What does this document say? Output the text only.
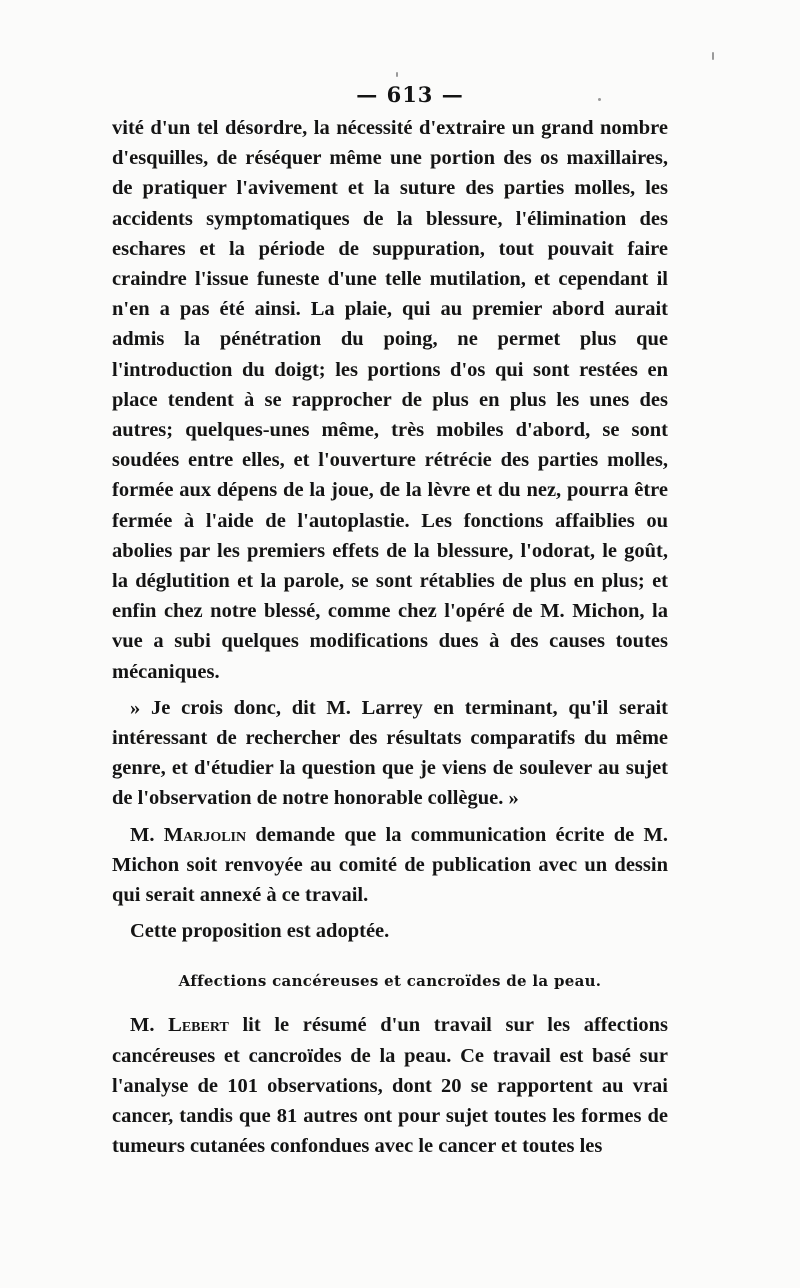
— 613 —

vité d'un tel désordre, la nécessité d'extraire un grand nombre d'esquilles, de réséquer même une portion des os maxillaires, de pratiquer l'avivement et la suture des parties molles, les accidents symptomatiques de la blessure, l'élimination des eschares et la période de suppuration, tout pouvait faire craindre l'issue funeste d'une telle mutilation, et cependant il n'en a pas été ainsi. La plaie, qui au premier abord aurait admis la pénétration du poing, ne permet plus que l'introduction du doigt; les portions d'os qui sont restées en place tendent à se rapprocher de plus en plus les unes des autres; quelques-unes même, très mobiles d'abord, se sont soudées entre elles, et l'ouverture rétrécie des parties molles, formée aux dépens de la joue, de la lèvre et du nez, pourra être fermée à l'aide de l'autoplastie. Les fonctions affaiblies ou abolies par les premiers effets de la blessure, l'odorat, le goût, la déglutition et la parole, se sont rétablies de plus en plus; et enfin chez notre blessé, comme chez l'opéré de M. Michon, la vue a subi quelques modifications dues à des causes toutes mécaniques.

» Je crois donc, dit M. Larrey en terminant, qu'il serait intéressant de rechercher des résultats comparatifs du même genre, et d'étudier la question que je viens de soulever au sujet de l'observation de notre honorable collègue. »

M. Marjolin demande que la communication écrite de M. Michon soit renvoyée au comité de publication avec un dessin qui serait annexé à ce travail.

Cette proposition est adoptée.

Affections cancéreuses et cancroïdes de la peau.

M. Lebert lit le résumé d'un travail sur les affections cancéreuses et cancroïdes de la peau. Ce travail est basé sur l'analyse de 101 observations, dont 20 se rapportent au vrai cancer, tandis que 81 autres ont pour sujet toutes les formes de tumeurs cutanées confondues avec le cancer et toutes les
